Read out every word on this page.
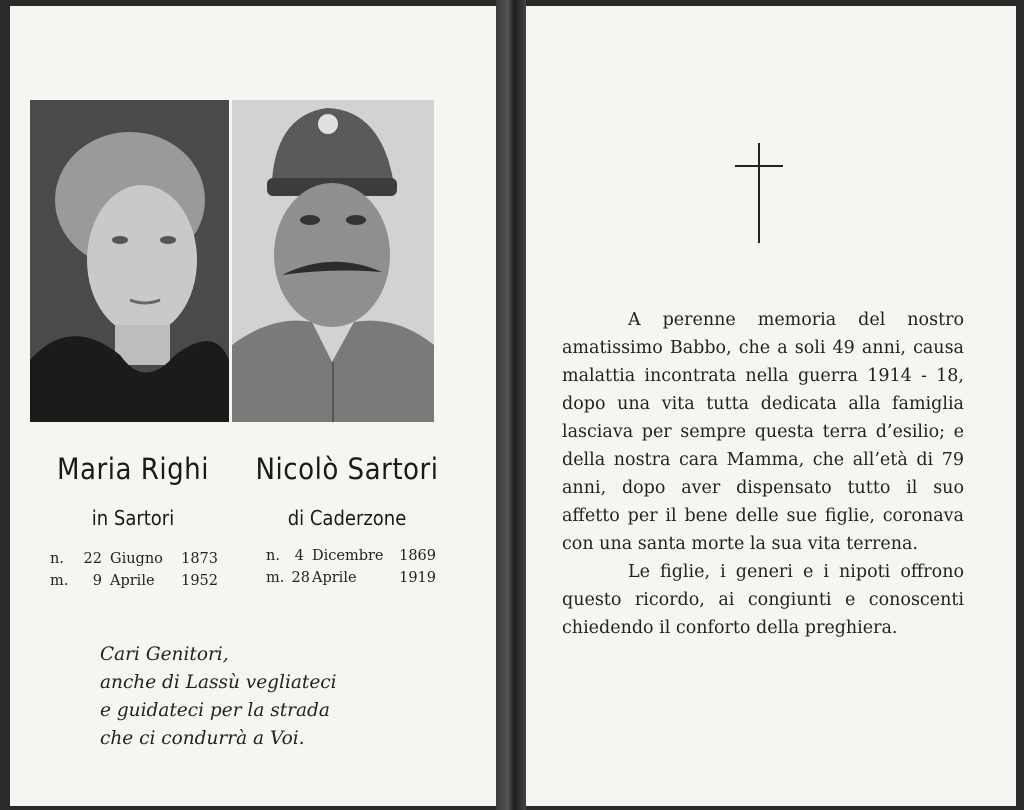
Maria Righi
in Sartori
Nicolò Sartori
di Caderzone
n.	22 Giugno	1873
m.	9 Aprile	1952
n.	4 Dicembre	1869
m. 28 Aprile	1919
Cari Genitori,
anche di Lassù vegliateci
e guidateci per la strada
che ci condurrà a Voi.

A perenne memoria del nostro amatissimo Babbo, che a soli 49 anni, causa malattia incontrata nella guerra 1914 - 18, dopo una vita tutta dedicata alla famiglia lasciava per sempre questa terra d’esilio; e della nostra cara Mamma, che all’età di 79 anni, dopo aver dispensato tutto il suo affetto per il bene delle sue figlie, coronava con una santa morte la sua vita terrena.

Le figlie, i generi e i nipoti offrono questo ricordo, ai congiunti e conoscenti chiedendo il conforto della preghiera.
